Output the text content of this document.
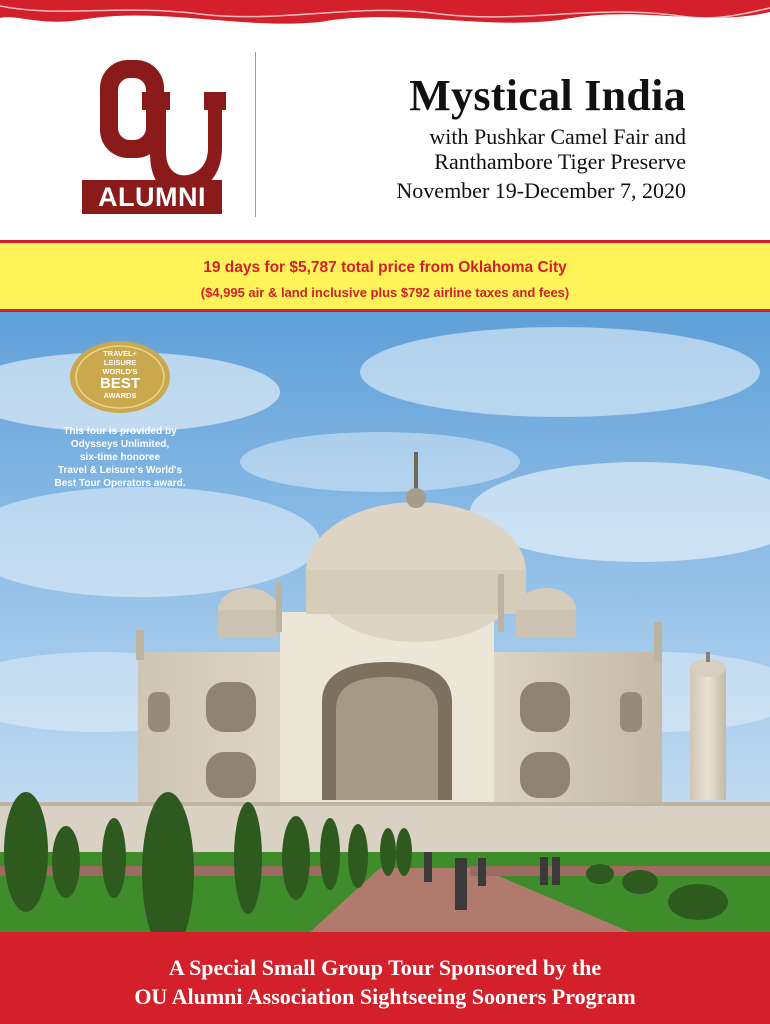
ALUMNI
Mystical India
with Pushkar Camel Fair and
Ranthambore Tiger Preserve
November 19-December 7, 2020
19 days for $5,787 total price from Oklahoma City
($4,995 air & land inclusive plus $792 airline taxes and fees)
TRAVEL+
LEISURE
WORLD'S
BEST
AWARDS
This tour is provided by
Odysseys Unlimited,
six-time honoree
Travel & Leisure's World's
Best Tour Operators award.
A Special Small Group Tour Sponsored by the
OU Alumni Association Sightseeing Sooners Program
